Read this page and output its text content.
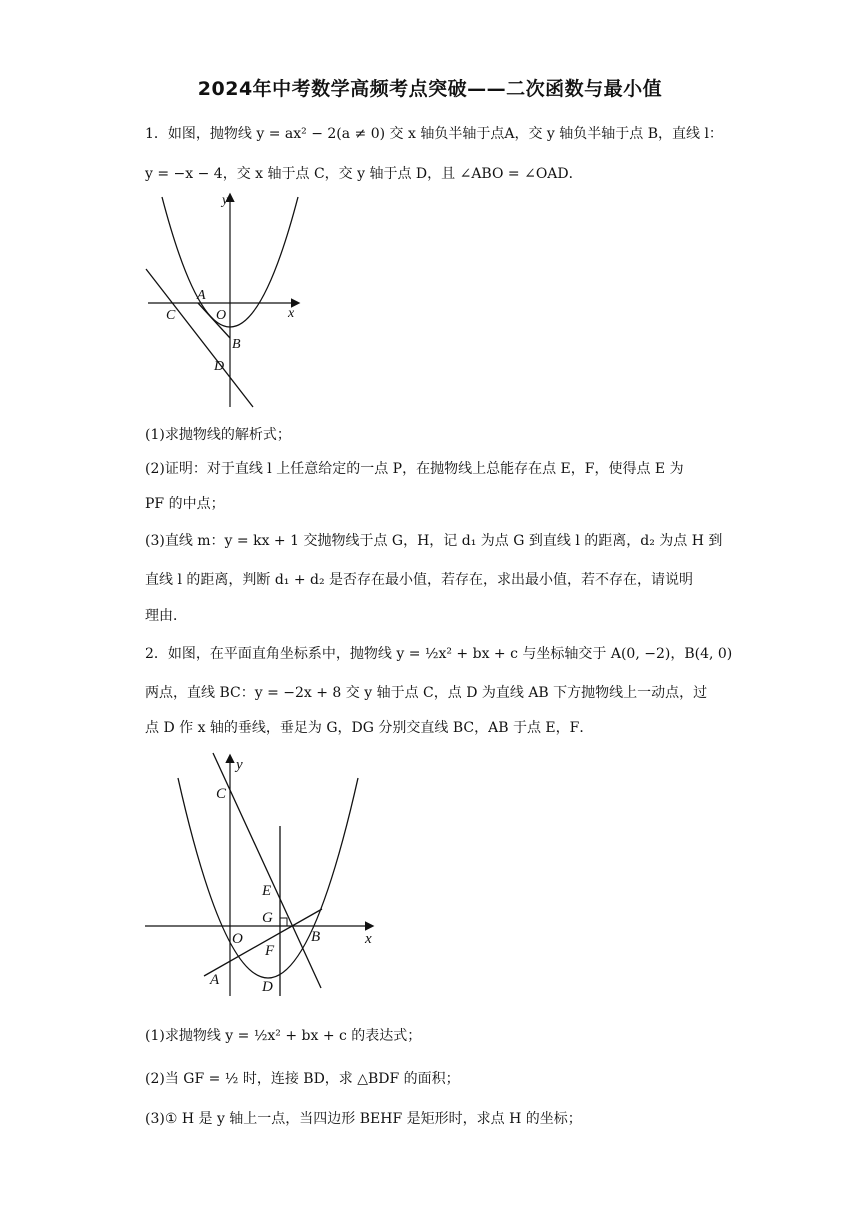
2024年中考数学高频考点突破——二次函数与最小值
1．如图，抛物线 y = ax² − 2(a ≠ 0) 交 x 轴负半轴于点A，交 y 轴负半轴于点 B，直线 l：
y = −x − 4，交 x 轴于点 C，交 y 轴于点 D，且 ∠ABO = ∠OAD．
y
x
A
O
C
B
D
(1)求抛物线的解析式；
(2)证明：对于直线 l 上任意给定的一点 P，在抛物线上总能存在点 E，F，使得点 E 为
PF 的中点；
(3)直线 m：y = kx + 1 交抛物线于点 G，H，记 d₁ 为点 G 到直线 l 的距离，d₂ 为点 H 到
直线 l 的距离，判断 d₁ + d₂ 是否存在最小值，若存在，求出最小值，若不存在，请说明
理由．
2．如图，在平面直角坐标系中，抛物线 y = ½x² + bx + c 与坐标轴交于 A(0, −2)，B(4, 0)
两点，直线 BC：y = −2x + 8 交 y 轴于点 C，点 D 为直线 AB 下方抛物线上一动点，过
点 D 作 x 轴的垂线，垂足为 G，DG 分别交直线 BC，AB 于点 E，F．
y
x
C
E
G
O	B
F
A	D
(1)求抛物线 y = ½x² + bx + c 的表达式；
(2)当 GF = ½ 时，连接 BD，求 △BDF 的面积；
(3)① H 是 y 轴上一点，当四边形 BEHF 是矩形时，求点 H 的坐标；
